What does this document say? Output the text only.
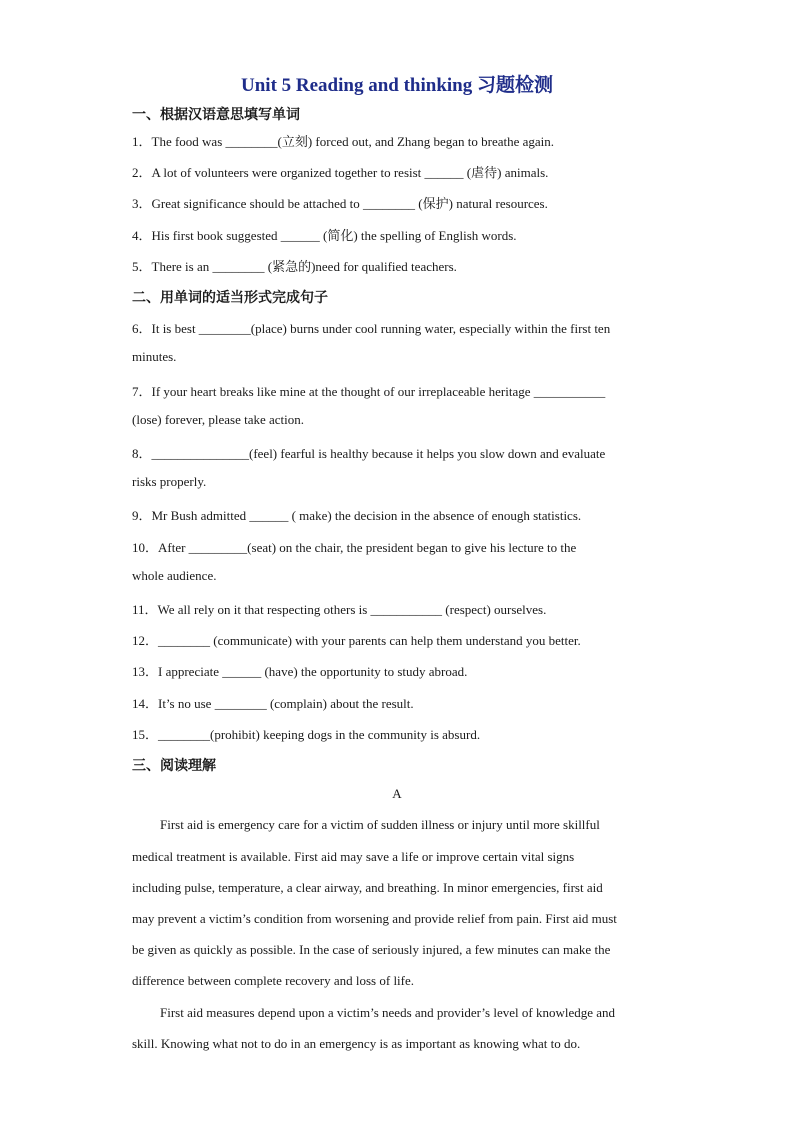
Unit 5 Reading and thinking 习题检测
一、根据汉语意思填写单词
1．The food was ________(立刻) forced out, and Zhang began to breathe again.
2．A lot of volunteers were organized together to resist ______ (虐待) animals.
3．Great significance should be attached to ________ (保护) natural resources.
4．His first book suggested ______ (简化) the spelling of English words.
5．There is an ________ (紧急的)need for qualified teachers.
二、用单词的适当形式完成句子
6．It is best ________(place) burns under cool running water, especially within the first ten
minutes.
7．If your heart breaks like mine at the thought of our irreplaceable heritage ___________
(lose) forever, please take action.
8．_______________(feel) fearful is healthy because it helps you slow down and evaluate
risks properly.
9．Mr Bush admitted ______ ( make) the decision in the absence of enough statistics.
10．After _________(seat) on the chair, the president began to give his lecture to the
whole audience.
11．We all rely on it that respecting others is ___________ (respect) ourselves.
12．________ (communicate) with your parents can help them understand you better.
13．I appreciate ______ (have) the opportunity to study abroad.
14．It’s no use ________ (complain) about the result.
15．________(prohibit) keeping dogs in the community is absurd.
三、阅读理解
A
First aid is emergency care for a victim of sudden illness or injury until more skillful
medical treatment is available. First aid may save a life or improve certain vital signs
including pulse, temperature, a clear airway, and breathing. In minor emergencies, first aid
may prevent a victim’s condition from worsening and provide relief from pain. First aid must
be given as quickly as possible. In the case of seriously injured, a few minutes can make the
difference between complete recovery and loss of life.
First aid measures depend upon a victim’s needs and provider’s level of knowledge and
skill. Knowing what not to do in an emergency is as important as knowing what to do.
